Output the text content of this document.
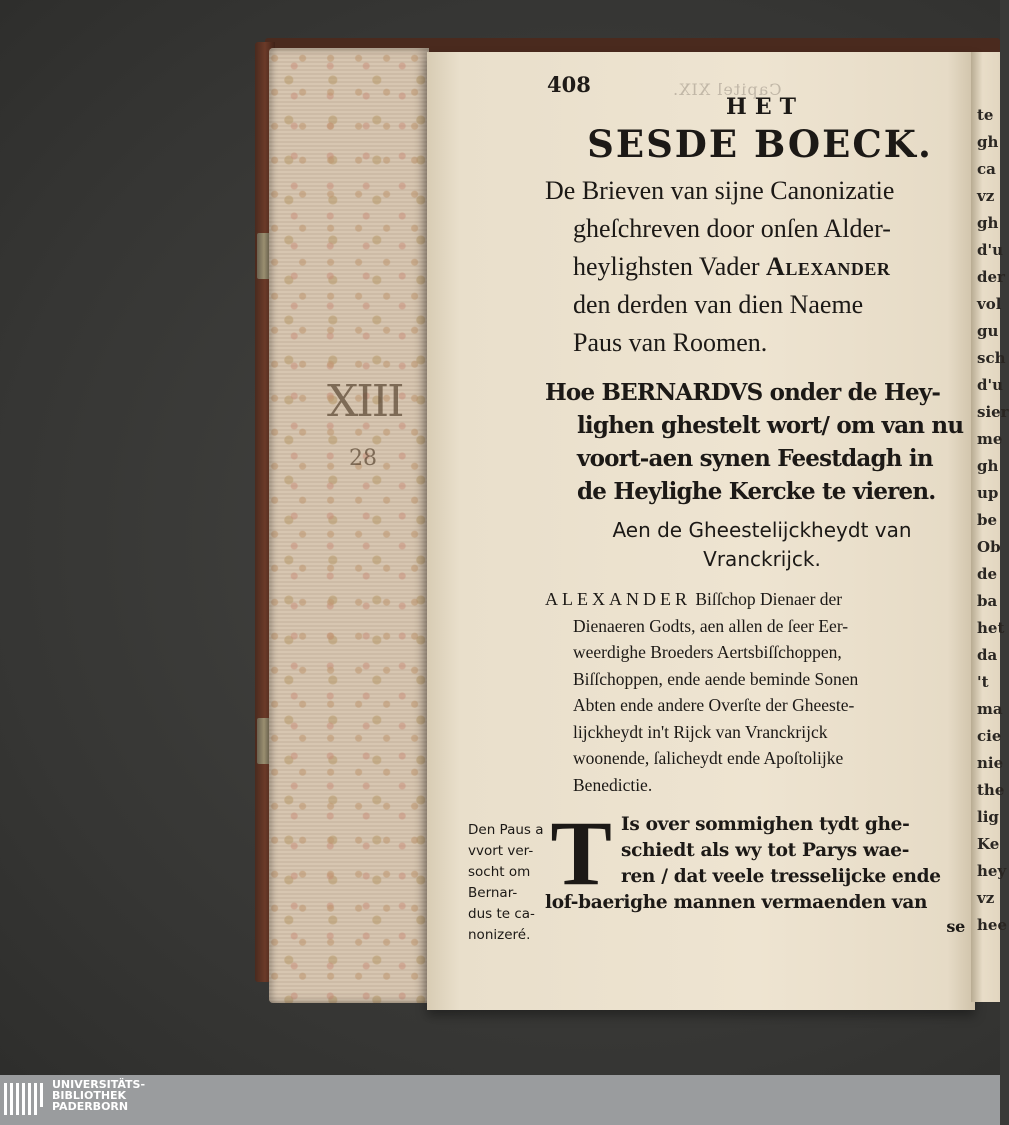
XIII
28
Capitel XIX.
te
gh
ca
vz
gh
d'u
der
vol
gu
sch
d'u
sier
me
gh
up
be
Ob
de
ba
het
da
't
ma
cie
nie
the
lig
Ke
hey
vz
hee
408
HET
SESDE BOECK.

De Brieven van sijne Canonizatie
gheſchreven door onſen Alder-
heylighsten Vader Alexander
den derden van dien Naeme
Paus van Roomen.

Hoe BERNARDVS onder de Hey-
lighen ghestelt wort/ om van nu
voort-aen synen Feestdagh in
de Heylighe Kercke te vieren.

Aen de Gheestelijckheydt van
Vranckrijck.

ALEXANDER Biſſchop Dienaer der
Dienaeren Godts, aen allen de ſeer Eer-
weerdighe Broeders Aertsbiſſchoppen,
Biſſchoppen, ende aende beminde Sonen
Abten ende andere Overſte der Gheeste-
lijckheydt in't Rijck van Vranckrijck
woonende, ſalicheydt ende Apoſtolijke
Benedictie.

T Is over sommighen tydt ghe-
schiedt als wy tot Parys wae-
ren / dat veele tresselijcke ende
lof-baerighe mannen vermaenden van
se
Den Paus a
vvort ver-
socht om
Bernar-
dus te ca-
nonizeré.
UNIVERSITÄTS-
BIBLIOTHEK
PADERBORN
